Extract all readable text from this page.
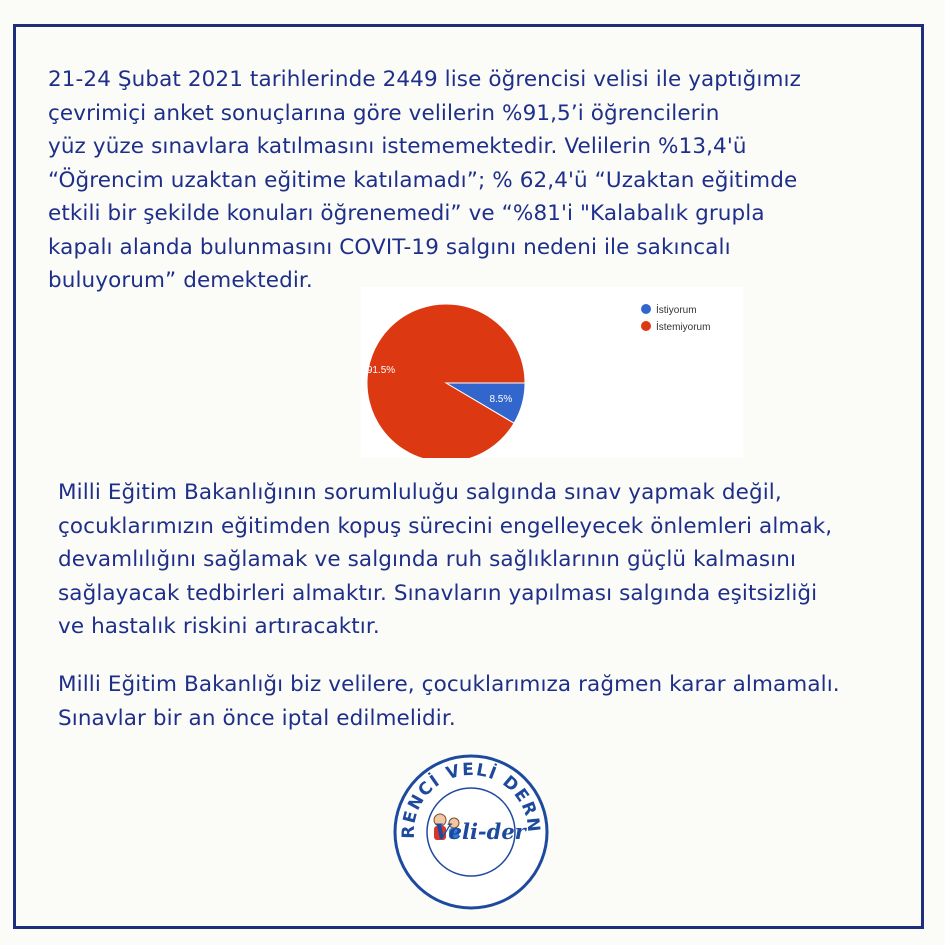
21-24 Şubat 2021 tarihlerinde 2449 lise öğrencisi velisi ile yaptığımız
çevrimiçi anket sonuçlarına göre velilerin %91,5’i öğrencilerin
yüz yüze sınavlara katılmasını istememektedir. Velilerin %13,4'ü
“Öğrencim uzaktan eğitime katılamadı”; % 62,4'ü “Uzaktan eğitimde
etkili bir şekilde konuları öğrenemedi” ve “%81'i "Kalabalık grupla
kapalı alanda bulunmasını COVIT-19 salgını nedeni ile sakıncalı
buluyorum” demektedir.

8.5%
91.5%
İstiyorum
İstemiyorum

Milli Eğitim Bakanlığının sorumluluğu salgında sınav yapmak değil,
çocuklarımızın eğitimden kopuş sürecini engelleyecek önlemleri almak,
devamlılığını sağlamak ve salgında ruh sağlıklarının güçlü kalmasını
sağlayacak tedbirleri almaktır. Sınavların yapılması salgında eşitsizliği
ve hastalık riskini artıracaktır.

Milli Eğitim Bakanlığı biz velilere, çocuklarımıza rağmen karar almamalı.
Sınavlar bir an önce iptal edilmelidir.

RENCİ VELİ DERN
Veli-der
